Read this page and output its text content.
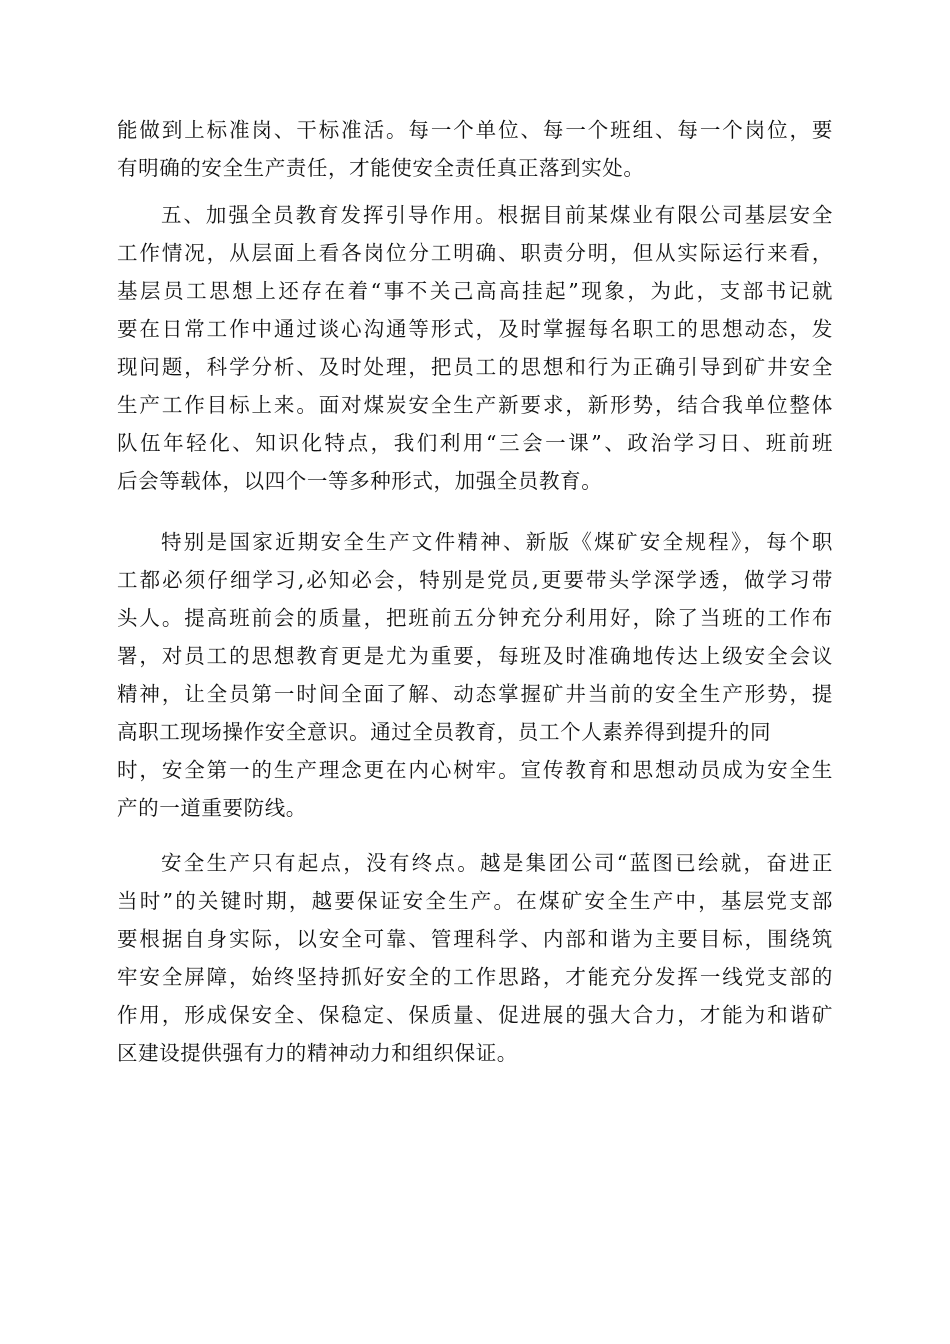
能做到上标准岗、干标准活。每一个单位、每一个班组、每一个岗位，要
有明确的安全生产责任，才能使安全责任真正落到实处。
五、加强全员教育发挥引导作用。根据目前某煤业有限公司基层安全
工作情况，从层面上看各岗位分工明确、职责分明，但从实际运行来看，
基层员工思想上还存在着“事不关己高高挂起”现象，为此，支部书记就
要在日常工作中通过谈心沟通等形式，及时掌握每名职工的思想动态，发
现问题，科学分析、及时处理，把员工的思想和行为正确引导到矿井安全
生产工作目标上来。面对煤炭安全生产新要求，新形势，结合我单位整体
队伍年轻化、知识化特点，我们利用“三会一课”、政治学习日、班前班
后会等载体，以四个一等多种形式，加强全员教育。
特别是国家近期安全生产文件精神、新版《煤矿安全规程》，每个职
工都必须仔细学习,必知必会，特别是党员,更要带头学深学透，做学习带
头人。提高班前会的质量，把班前五分钟充分利用好，除了当班的工作布
署，对员工的思想教育更是尤为重要，每班及时准确地传达上级安全会议
精神，让全员第一时间全面了解、动态掌握矿井当前的安全生产形势，提
高职工现场操作安全意识。通过全员教育，员工个人素养得到提升的同
时，安全第一的生产理念更在内心树牢。宣传教育和思想动员成为安全生
产的一道重要防线。
安全生产只有起点，没有终点。越是集团公司“蓝图已绘就，奋进正
当时”的关键时期，越要保证安全生产。在煤矿安全生产中，基层党支部
要根据自身实际，以安全可靠、管理科学、内部和谐为主要目标，围绕筑
牢安全屏障，始终坚持抓好安全的工作思路，才能充分发挥一线党支部的
作用，形成保安全、保稳定、保质量、促进展的强大合力，才能为和谐矿
区建设提供强有力的精神动力和组织保证。
